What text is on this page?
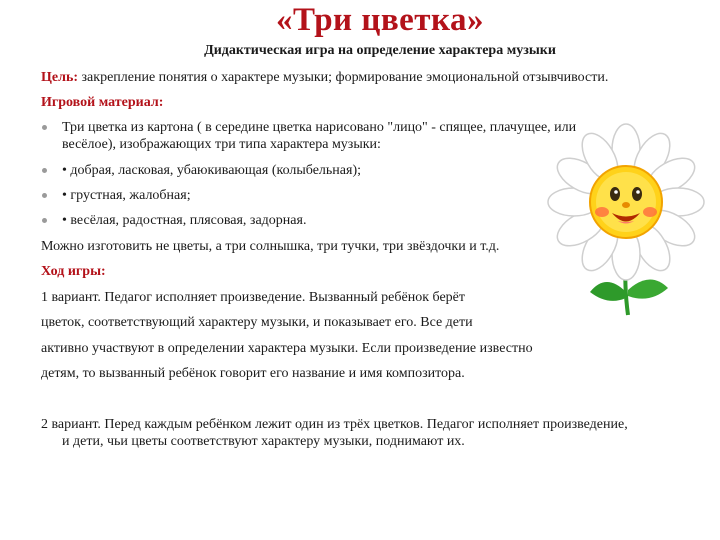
«Три цветка»
Дидактическая игра на определение характера музыки
Цель: закрепление понятия о характере музыки; формирование эмоциональной отзывчивости.
Игровой материал:
Три цветка из картона ( в середине цветка нарисовано "лицо" - спящее, плачущее, или
весёлое), изображающих три типа характера музыки:
• добрая, ласковая, убаюкивающая (колыбельная);
• грустная, жалобная;
• весёлая, радостная, плясовая, задорная.
Можно изготовить не цветы, а три солнышка, три тучки, три звёздочки и т.д.
Ход игры:
1 вариант. Педагог исполняет произведение. Вызванный ребёнок берёт
цветок, соответствующий характеру музыки, и показывает его. Все дети
активно участвуют в определении характера музыки. Если произведение известно
детям, то вызванный ребёнок говорит его название и имя композитора.
2 вариант. Перед каждым ребёнком лежит один из трёх цветков. Педагог исполняет произведение,
и дети, чьи цветы соответствуют характеру музыки, поднимают их.
